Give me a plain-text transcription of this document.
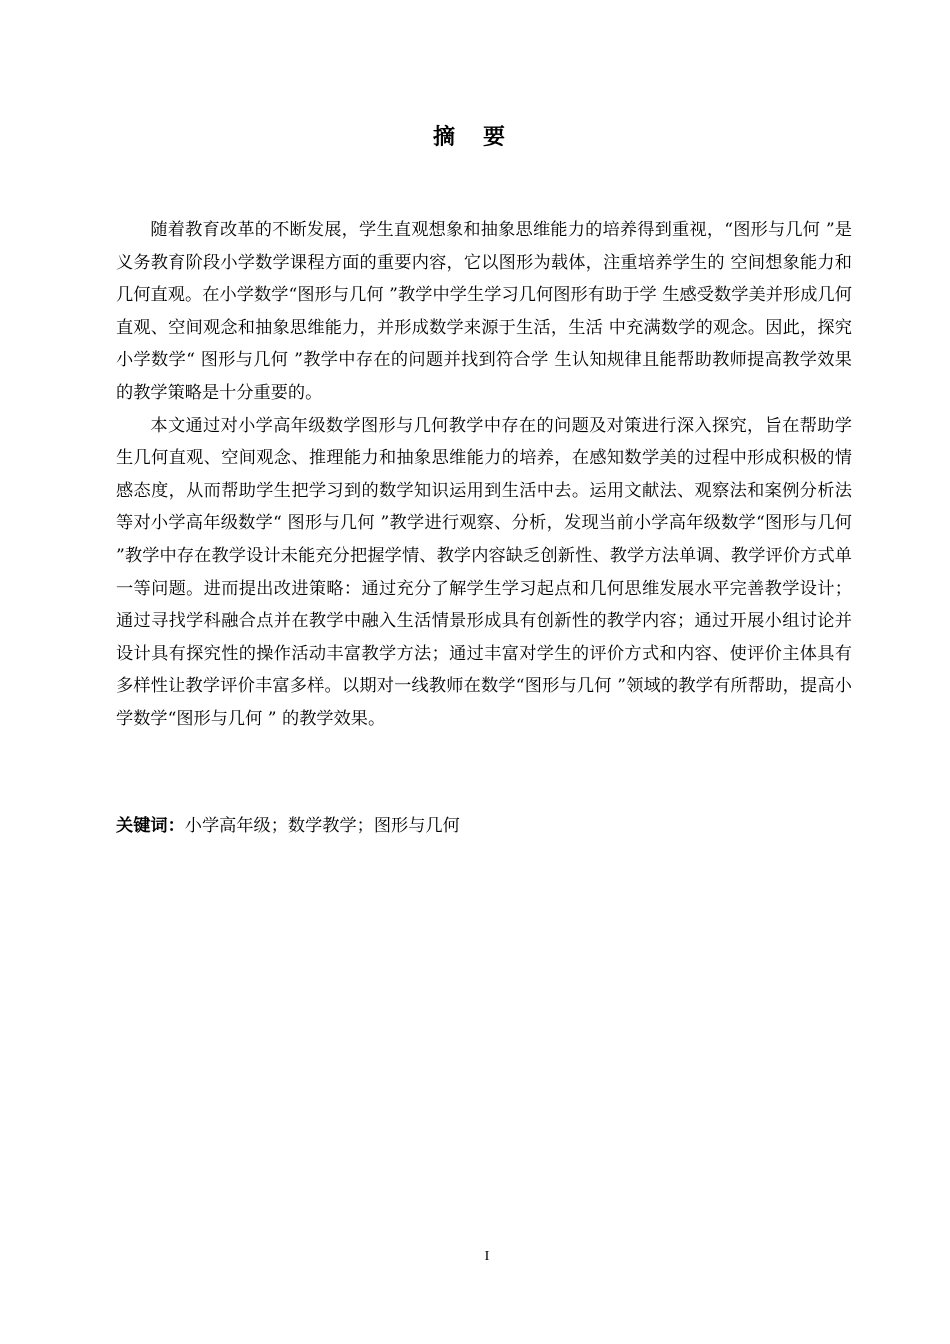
摘要

随着教育改革的不断发展，学生直观想象和抽象思维能力的培养得到重视，“图形与几何 ”是义务教育阶段小学数学课程方面的重要内容，它以图形为载体，注重培养学生的 空间想象能力和几何直观。在小学数学“图形与几何 ”教学中学生学习几何图形有助于学 生感受数学美并形成几何直观、空间观念和抽象思维能力，并形成数学来源于生活，生活 中充满数学的观念。因此，探究小学数学“ 图形与几何 ”教学中存在的问题并找到符合学 生认知规律且能帮助教师提高教学效果的教学策略是十分重要的。

本文通过对小学高年级数学图形与几何教学中存在的问题及对策进行深入探究，旨在帮助学生几何直观、空间观念、推理能力和抽象思维能力的培养，在感知数学美的过程中形成积极的情感态度，从而帮助学生把学习到的数学知识运用到生活中去。运用文献法、观察法和案例分析法等对小学高年级数学“ 图形与几何 ”教学进行观察、分析，发现当前小学高年级数学“图形与几何 ”教学中存在教学设计未能充分把握学情、教学内容缺乏创新性、教学方法单调、教学评价方式单一等问题。进而提出改进策略：通过充分了解学生学习起点和几何思维发展水平完善教学设计；通过寻找学科融合点并在教学中融入生活情景形成具有创新性的教学内容；通过开展小组讨论并设计具有探究性的操作活动丰富教学方法；通过丰富对学生的评价方式和内容、使评价主体具有多样性让教学评价丰富多样。以期对一线教师在数学“图形与几何 ”领域的教学有所帮助，提高小学数学“图形与几何 ” 的教学效果。

关键词：小学高年级；数学教学；图形与几何
I
